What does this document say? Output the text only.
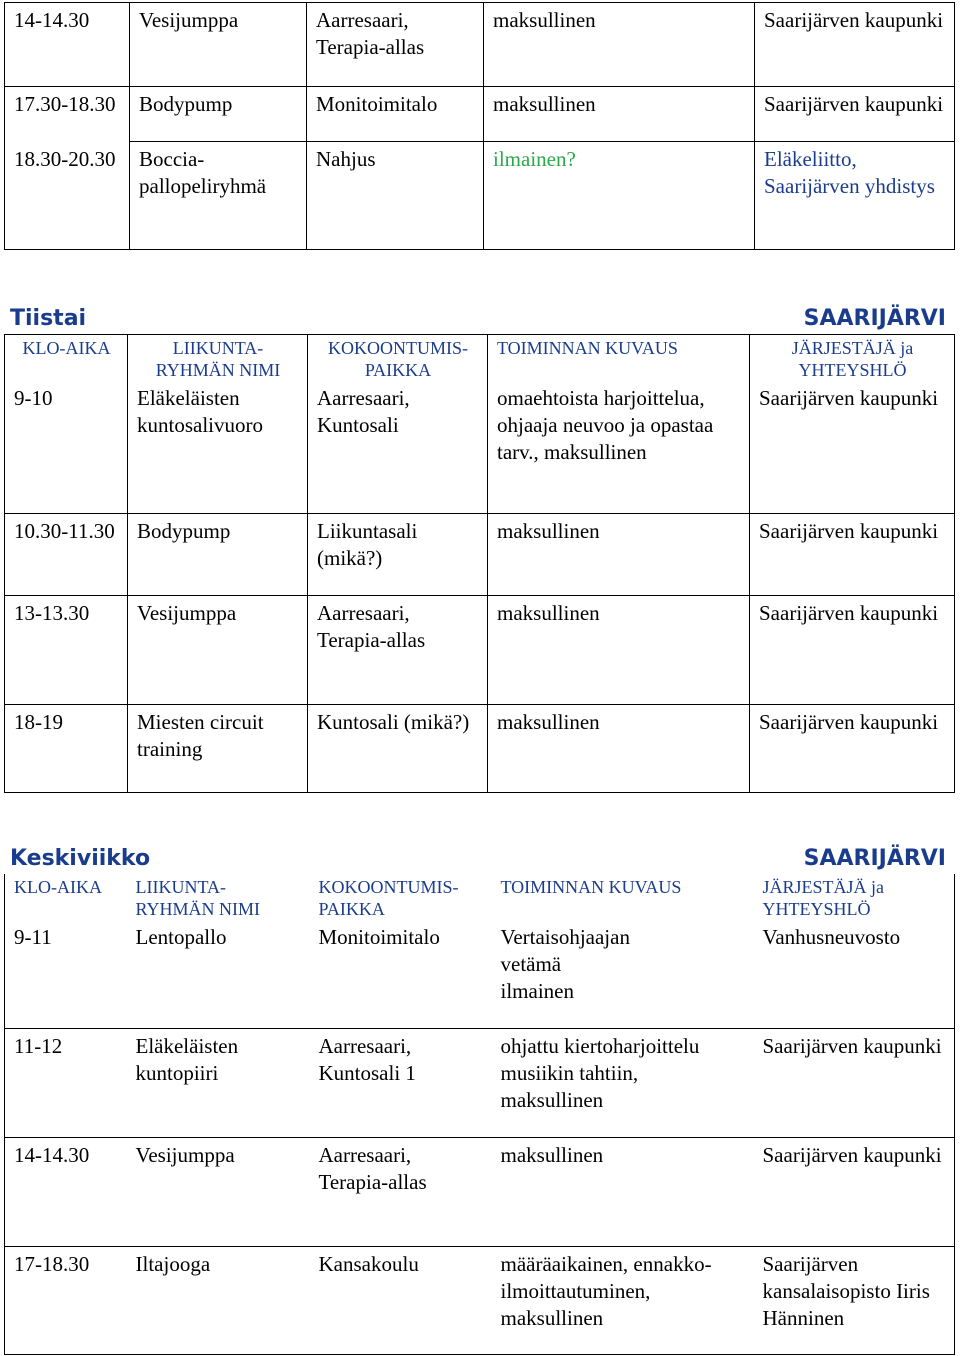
14-14.30	Vesijumppa	Aarresaari, Terapia-allas	maksullinen	Saarijärven kaupunki
17.30-18.30	Bodypump	Monitoimitalo	maksullinen	Saarijärven kaupunki
18.30-20.30	Boccia-pallopeliryhmä	Nahjus	ilmainen?	Eläkeliitto, Saarijärven yhdistys
Tiistai	SAARIJÄRVI
KLO-AIKA	LIIKUNTA-RYHMÄN NIMI	KOKOONTUMIS-PAIKKA	TOIMINNAN KUVAUS	JÄRJESTÄJÄ ja YHTEYSHLÖ
9-10	Eläkeläisten kuntosalivuoro	Aarresaari, Kuntosali	omaehtoista harjoittelua, ohjaaja neuvoo ja opastaa tarv., maksullinen	Saarijärven kaupunki
10.30-11.30	Bodypump	Liikuntasali (mikä?)	maksullinen	Saarijärven kaupunki
13-13.30	Vesijumppa	Aarresaari, Terapia-allas	maksullinen	Saarijärven kaupunki
18-19	Miesten circuit training	Kuntosali (mikä?)	maksullinen	Saarijärven kaupunki
Keskiviikko	SAARIJÄRVI
KLO-AIKA	LIIKUNTA-RYHMÄN NIMI	KOKOONTUMIS-PAIKKA	TOIMINNAN KUVAUS	JÄRJESTÄJÄ ja YHTEYSHLÖ
9-11	Lentopallo	Monitoimitalo	Vertaisohjaajan vetämä ilmainen	Vanhusneuvosto
11-12	Eläkeläisten kuntopiiri	Aarresaari, Kuntosali 1	ohjattu kiertoharjoittelu musiikin tahtiin, maksullinen	Saarijärven kaupunki
14-14.30	Vesijumppa	Aarresaari, Terapia-allas	maksullinen	Saarijärven kaupunki
17-18.30	Iltajooga	Kansakoulu	määräaikainen, ennakko-ilmoittautuminen, maksullinen	Saarijärven kansalaisopisto Iiris Hänninen
